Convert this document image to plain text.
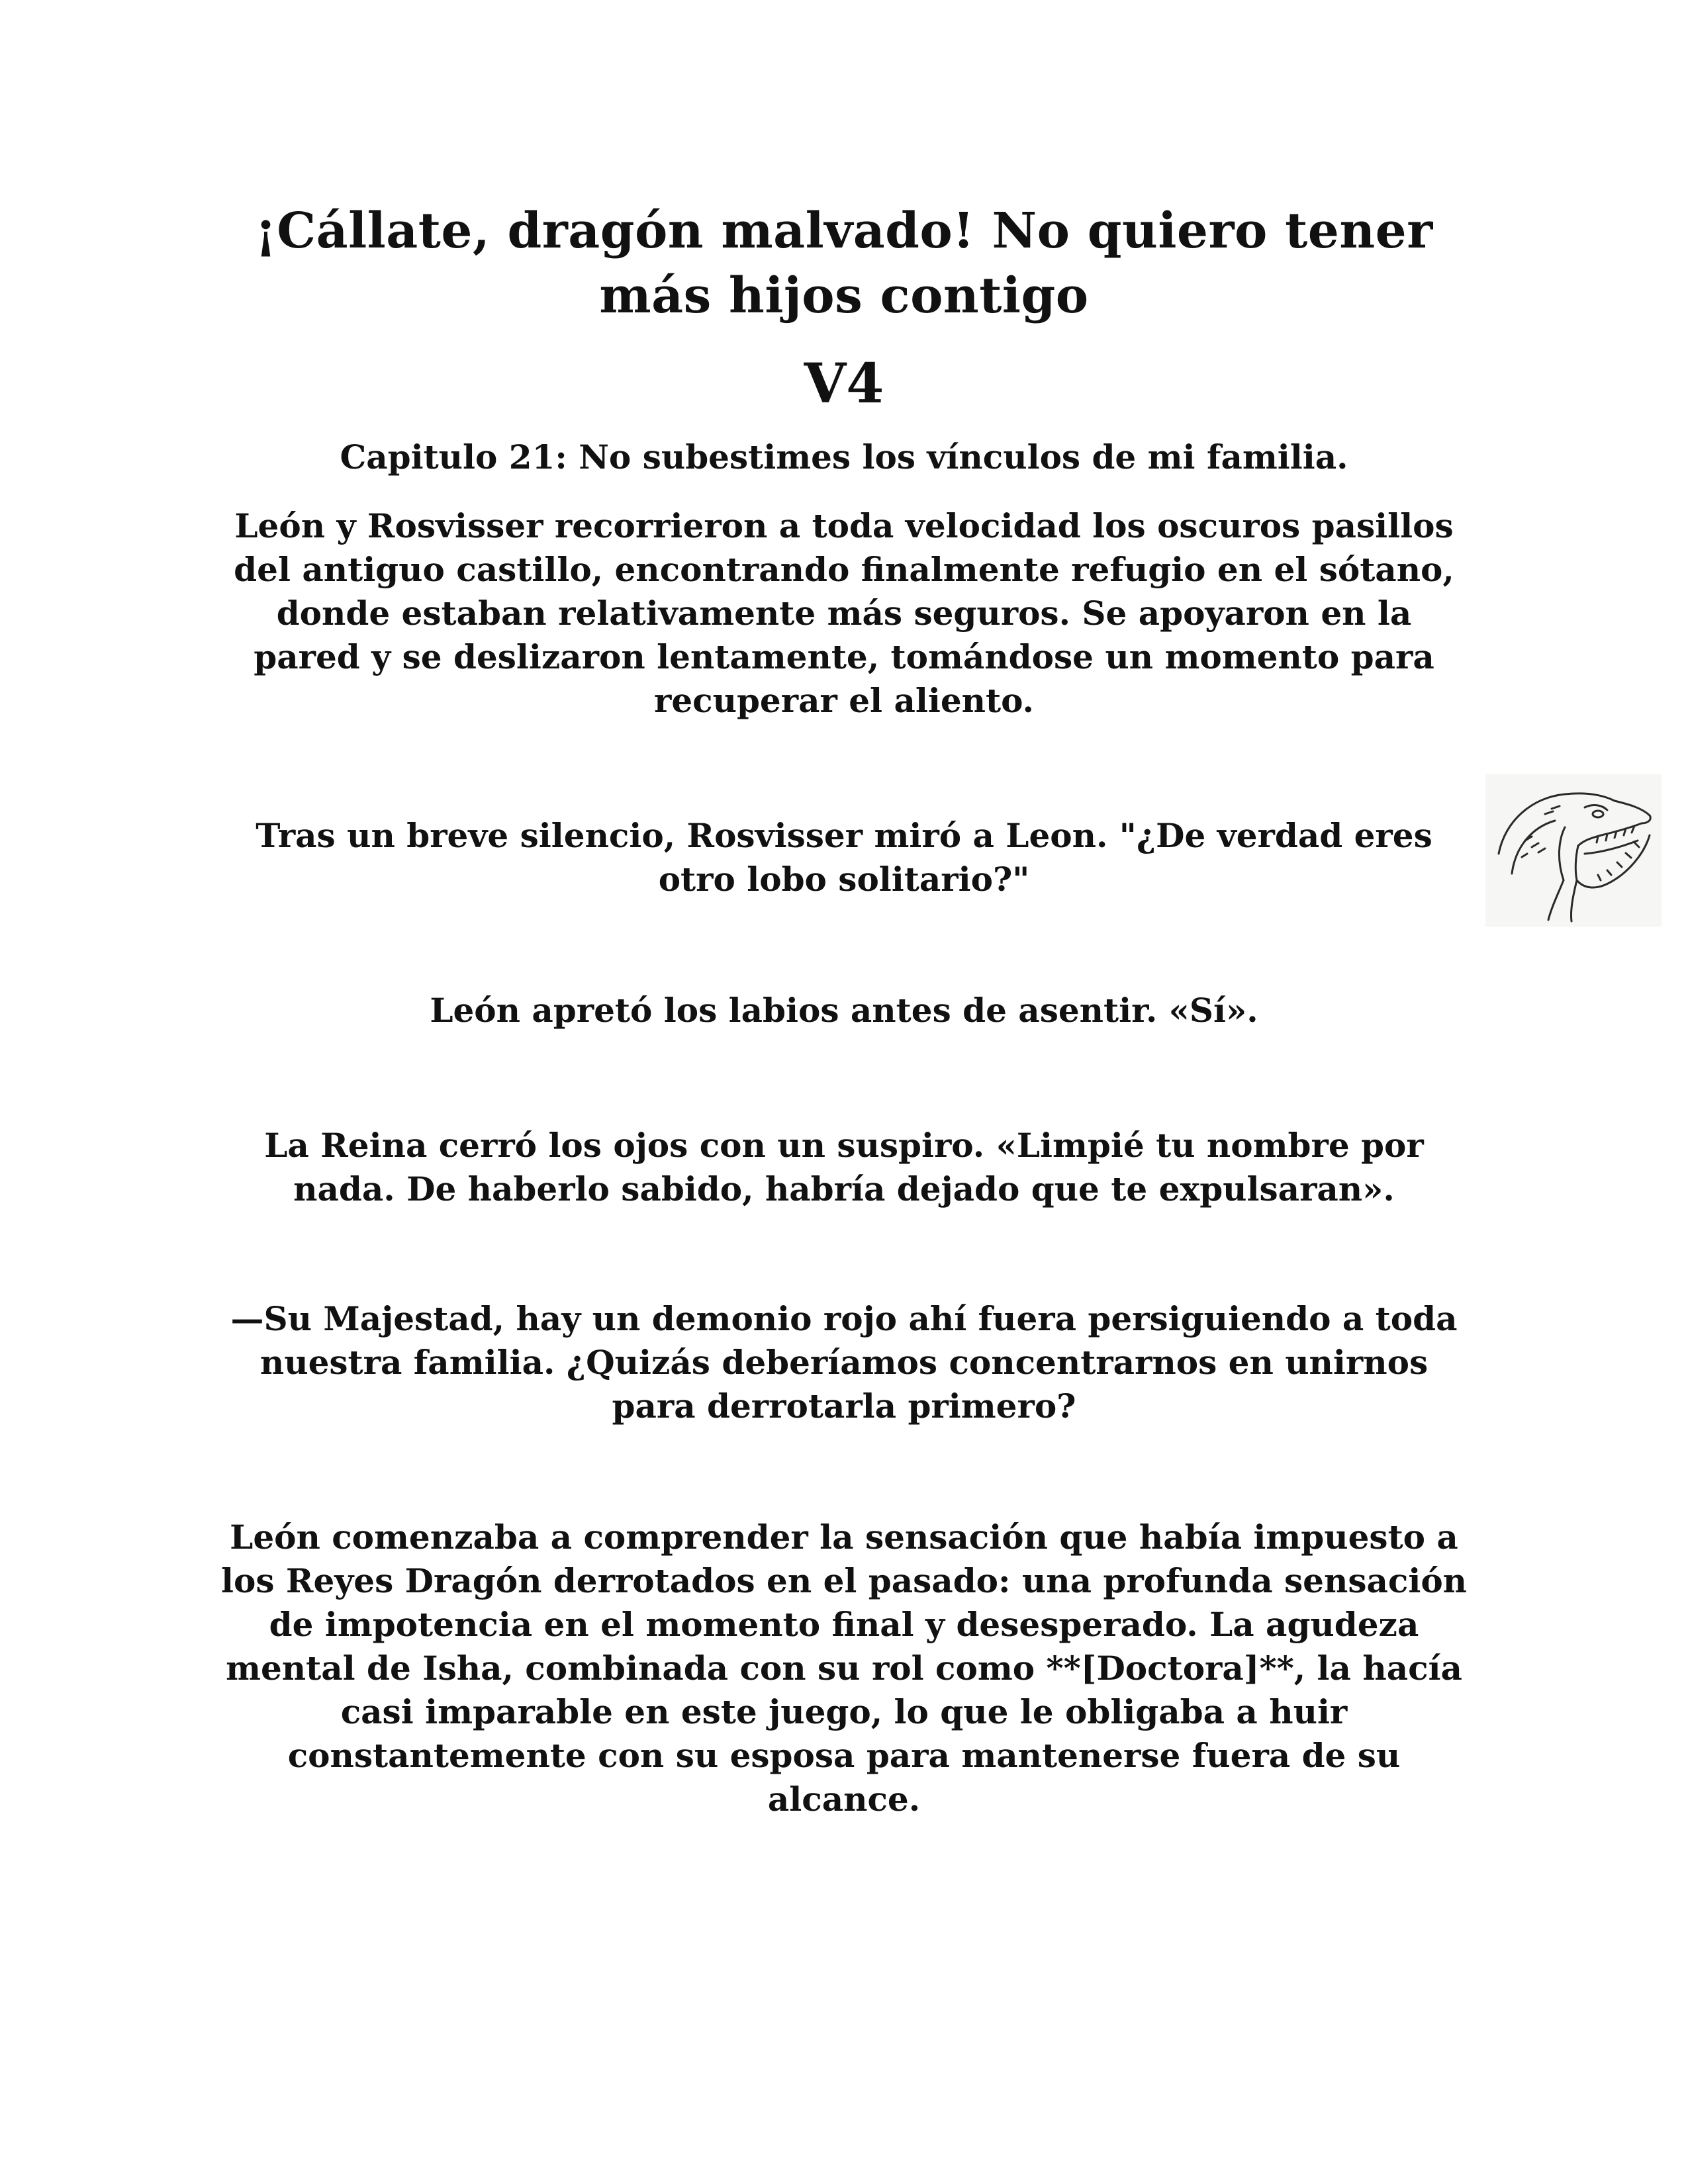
¡Cállate, dragón malvado! No quiero tener más hijos contigo
V4
Capitulo 21: No subestimes los vínculos de mi familia.

León y Rosvisser recorrieron a toda velocidad los oscuros pasillos del antiguo castillo, encontrando finalmente refugio en el sótano, donde estaban relativamente más seguros. Se apoyaron en la pared y se deslizaron lentamente, tomándose un momento para recuperar el aliento.

Tras un breve silencio, Rosvisser miró a Leon. "¿De verdad eres otro lobo solitario?"

León apretó los labios antes de asentir. «Sí».

La Reina cerró los ojos con un suspiro. «Limpié tu nombre por nada. De haberlo sabido, habría dejado que te expulsaran».

—Su Majestad, hay un demonio rojo ahí fuera persiguiendo a toda nuestra familia. ¿Quizás deberíamos concentrarnos en unirnos para derrotarla primero?

León comenzaba a comprender la sensación que había impuesto a los Reyes Dragón derrotados en el pasado: una profunda sensación de impotencia en el momento final y desesperado. La agudeza mental de Isha, combinada con su rol como **[Doctora]**, la hacía casi imparable en este juego, lo que le obligaba a huir constantemente con su esposa para mantenerse fuera de su alcance.
